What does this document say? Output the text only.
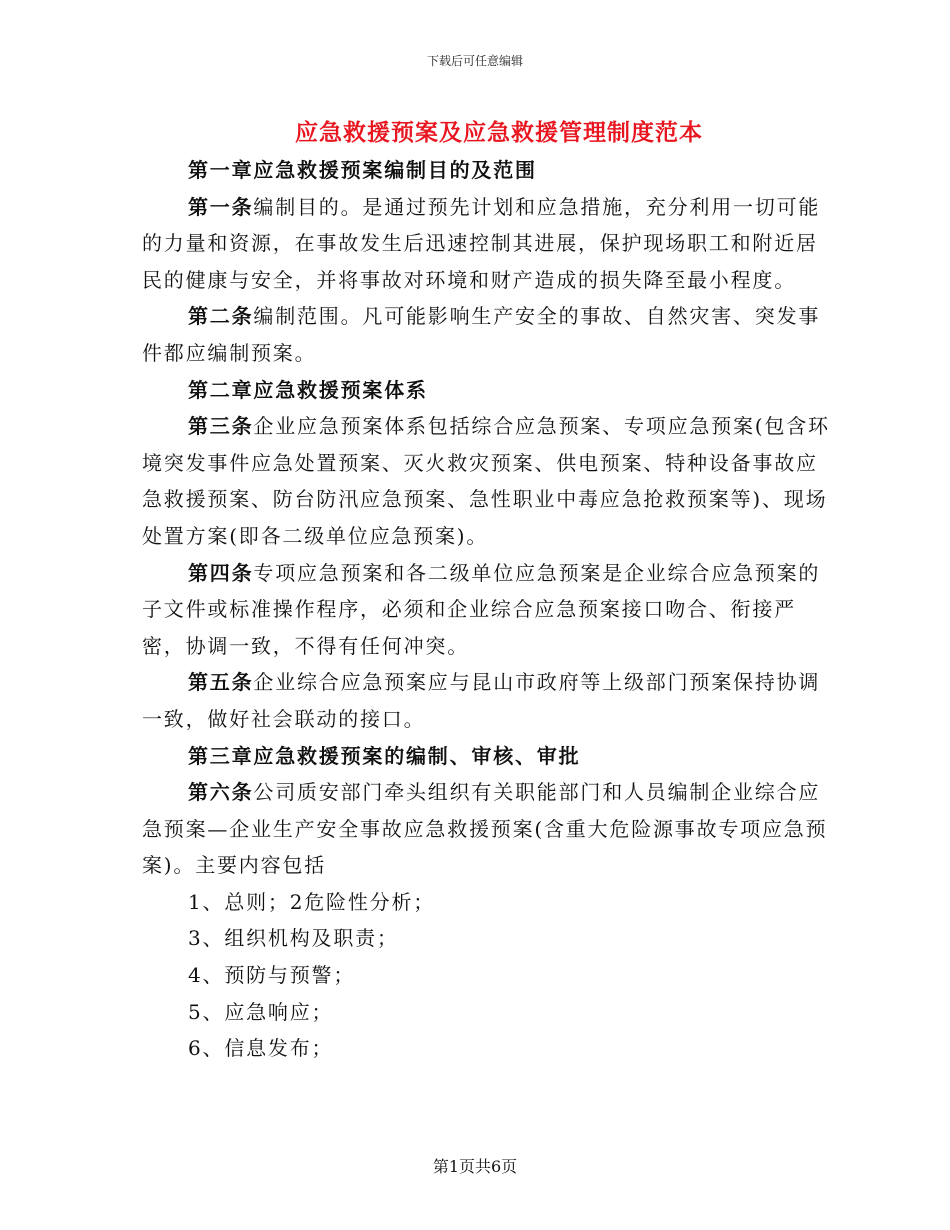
下载后可任意编辑
应急救援预案及应急救援管理制度范本

第一章应急救援预案编制目的及范围

第一条编制目的。是通过预先计划和应急措施，充分利用一切可能的力量和资源，在事故发生后迅速控制其进展，保护现场职工和附近居民的健康与安全，并将事故对环境和财产造成的损失降至最小程度。

第二条编制范围。凡可能影响生产安全的事故、自然灾害、突发事件都应编制预案。

第二章应急救援预案体系

第三条企业应急预案体系包括综合应急预案、专项应急预案(包含环境突发事件应急处置预案、灭火救灾预案、供电预案、特种设备事故应急救援预案、防台防汛应急预案、急性职业中毒应急抢救预案等)、现场处置方案(即各二级单位应急预案)。

第四条专项应急预案和各二级单位应急预案是企业综合应急预案的子文件或标准操作程序，必须和企业综合应急预案接口吻合、衔接严密，协调一致，不得有任何冲突。

第五条企业综合应急预案应与昆山市政府等上级部门预案保持协调一致，做好社会联动的接口。

第三章应急救援预案的编制、审核、审批

第六条公司质安部门牵头组织有关职能部门和人员编制企业综合应急预案—企业生产安全事故应急救援预案(含重大危险源事故专项应急预案)。主要内容包括

1、总则；2危险性分析；

3、组织机构及职责；

4、预防与预警；

5、应急响应；

6、信息发布；

第1页共6页
